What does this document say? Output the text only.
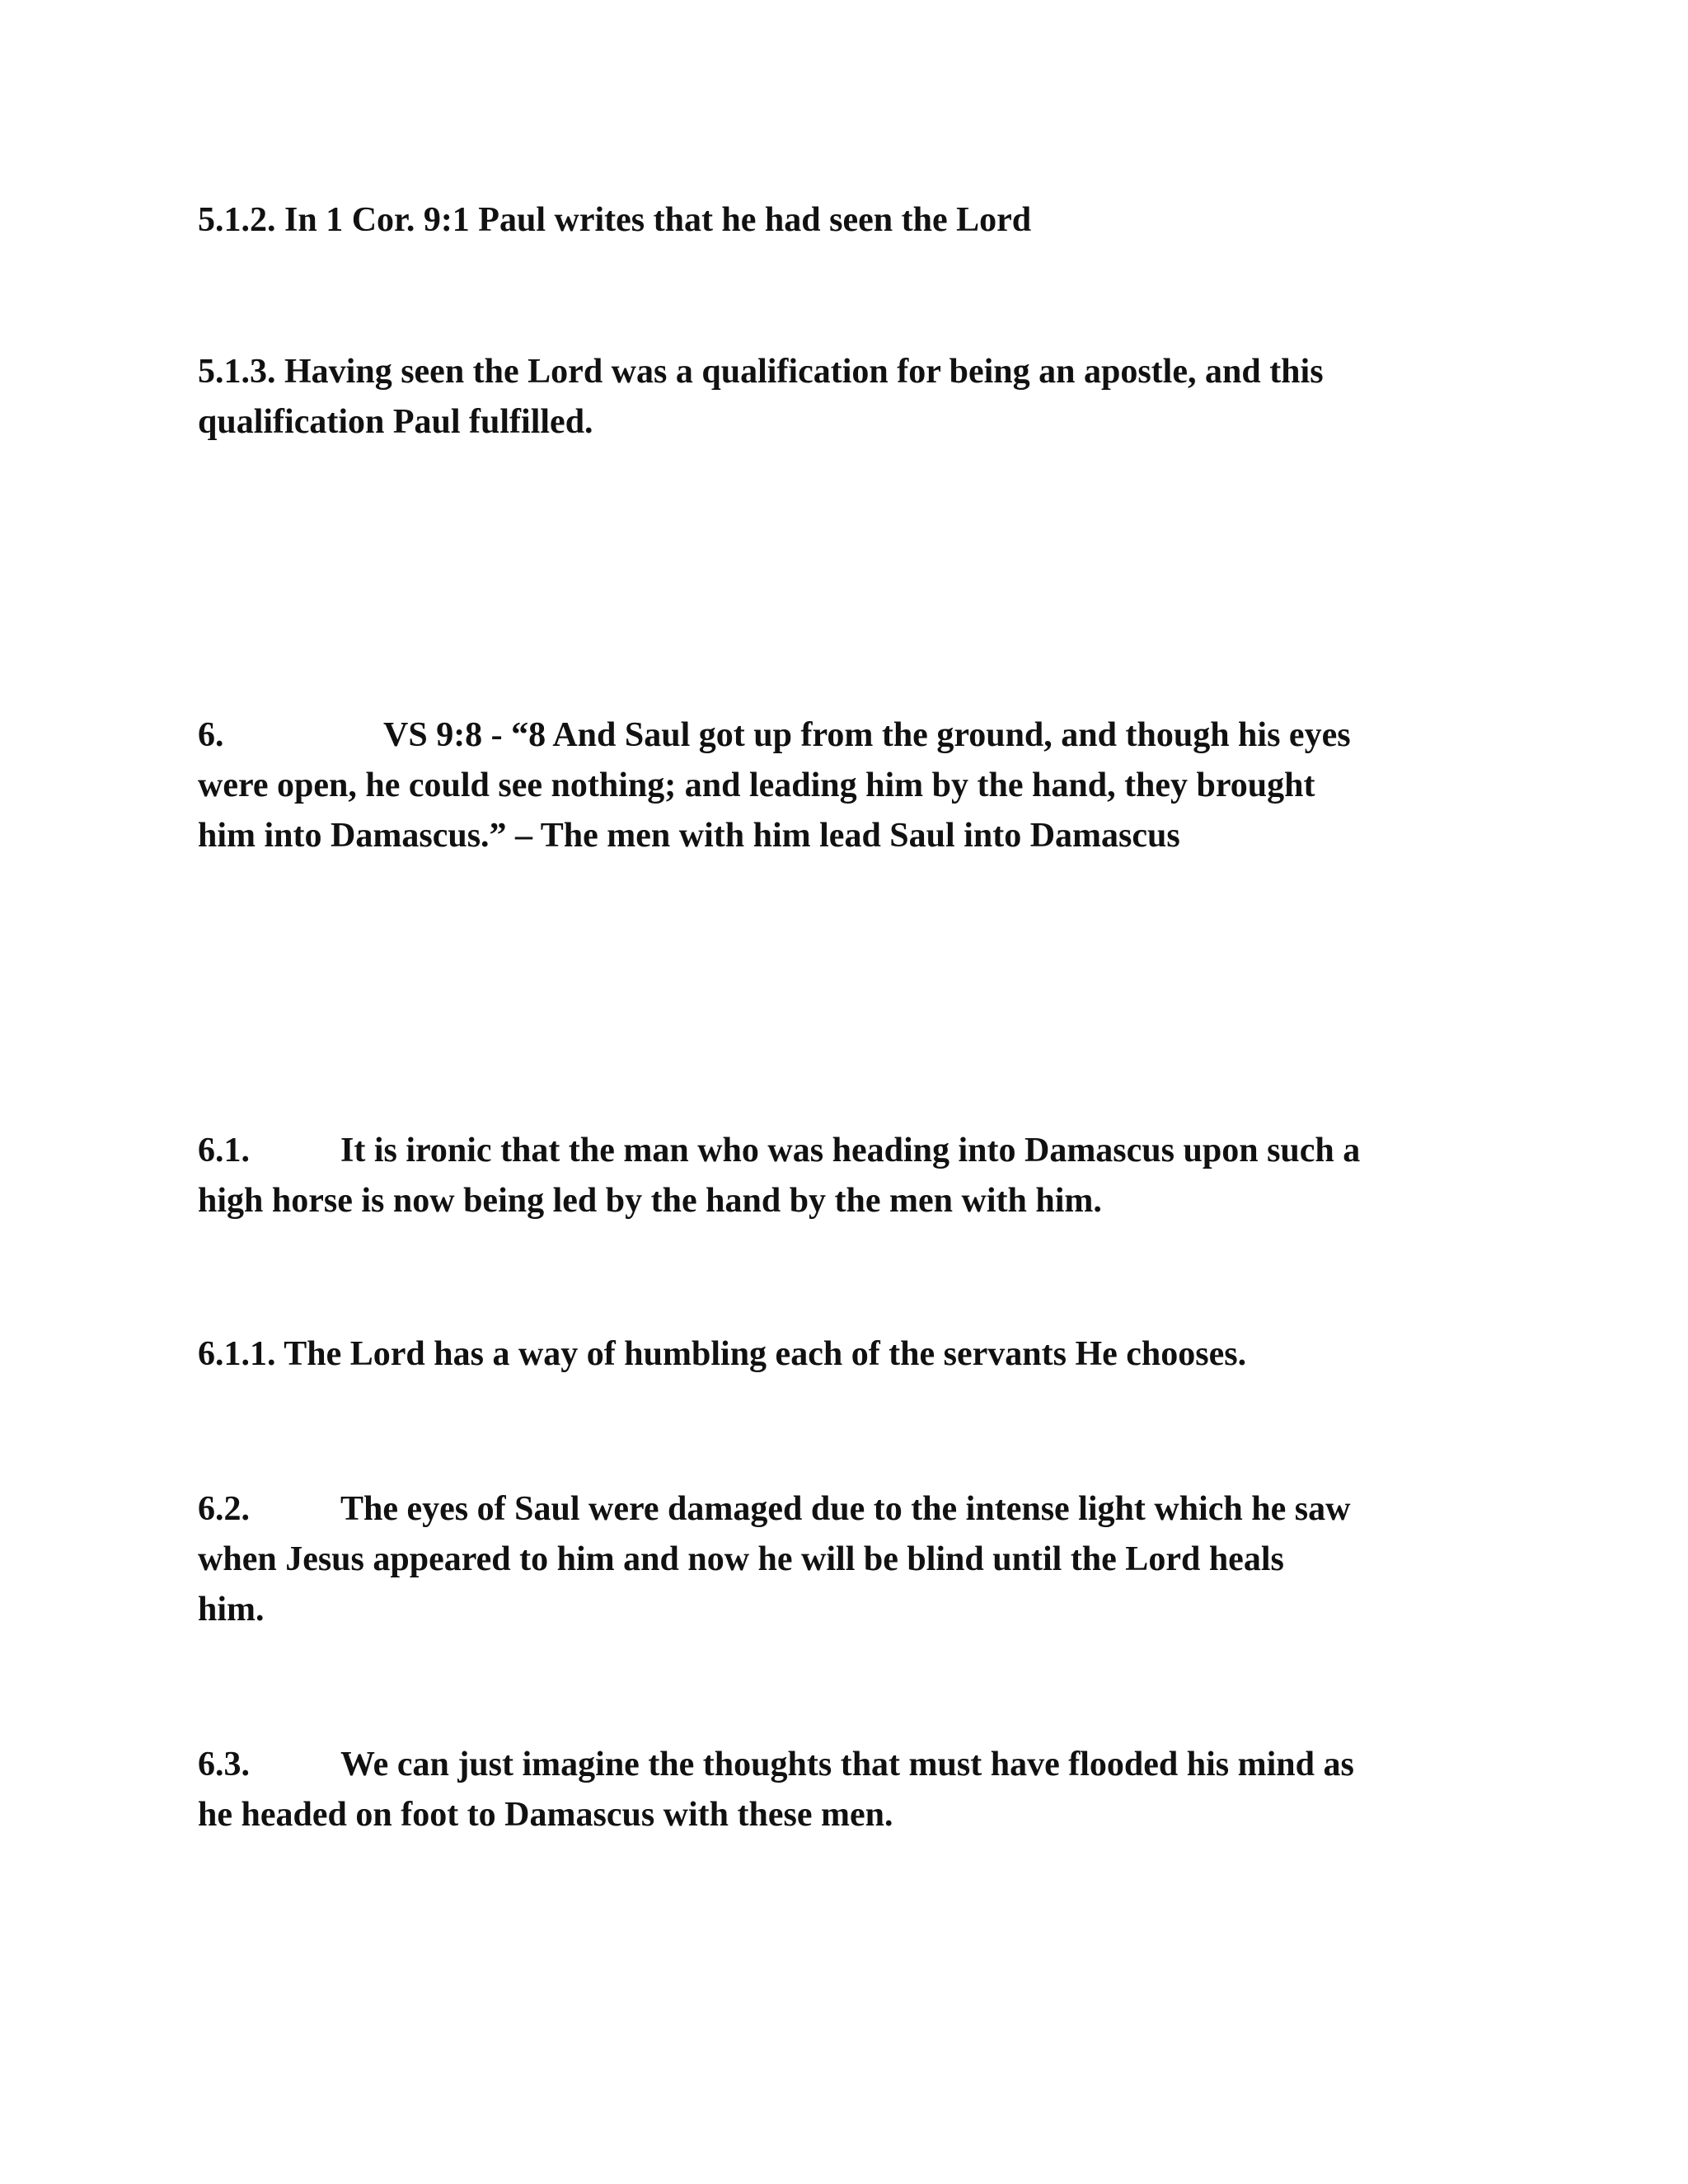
5.1.2. In 1 Cor. 9:1 Paul writes that he had seen the Lord

5.1.3. Having seen the Lord was a qualification for being an apostle, and this
qualification Paul fulfilled.

6.	VS 9:8 - “8 And Saul got up from the ground, and though his eyes
were open, he could see nothing; and leading him by the hand, they brought
him into Damascus.” – The men with him lead Saul into Damascus

6.1.	It is ironic that the man who was heading into Damascus upon such a
high horse is now being led by the hand by the men with him.

6.1.1. The Lord has a way of humbling each of the servants He chooses.

6.2.	The eyes of Saul were damaged due to the intense light which he saw
when Jesus appeared to him and now he will be blind until the Lord heals
him.

6.3.	We can just imagine the thoughts that must have flooded his mind as
he headed on foot to Damascus with these men.
